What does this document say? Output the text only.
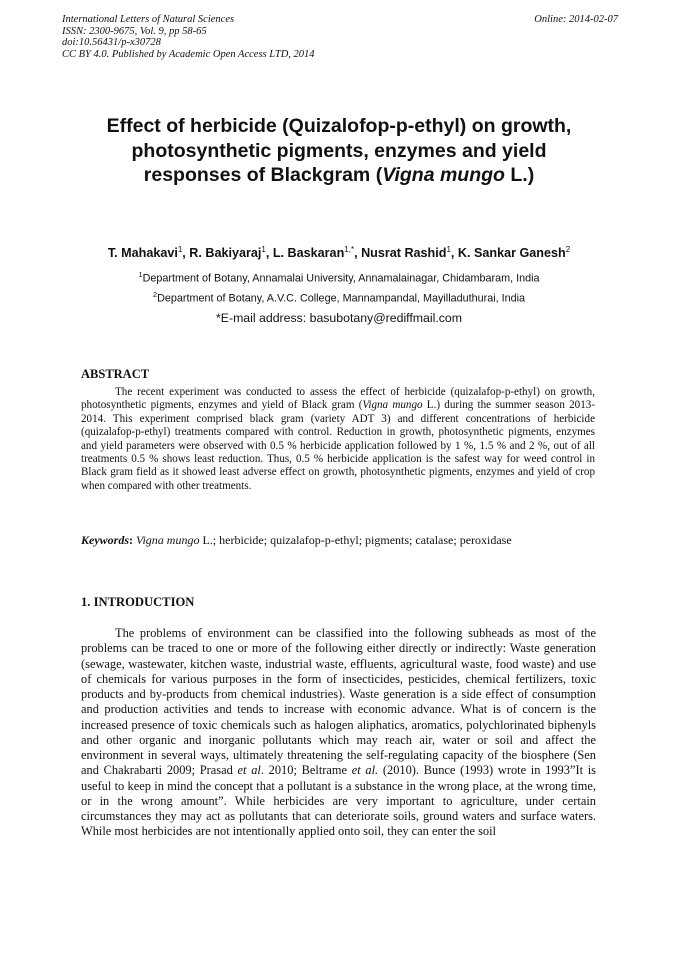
International Letters of Natural Sciences
ISSN: 2300-9675, Vol. 9, pp 58-65
doi:10.56431/p-x30728
CC BY 4.0. Published by Academic Open Access LTD, 2014
Online: 2014-02-07
Effect of herbicide (Quizalofop-p-ethyl) on growth,
photosynthetic pigments, enzymes and yield
responses of Blackgram (Vigna mungo L.)
T. Mahakavi$^1$, R. Bakiyaraj$^1$, L. Baskaran$^{1,*}$, Nusrat Rashid$^1$, K. Sankar Ganesh$^2$
$^1$Department of Botany, Annamalai University, Annamalainagar, Chidambaram, India
$^2$Department of Botany, A.V.C. College, Mannampandal, Mayilladuthurai, India
*E-mail address: basubotany@rediffmail.com
ABSTRACT

The recent experiment was conducted to assess the effect of herbicide (quizalafop-p-ethyl) on growth, photosynthetic pigments, enzymes and yield of Black gram (Vigna mungo L.) during the summer season 2013-2014. This experiment comprised black gram (variety ADT 3) and different concentrations of herbicide (quizalafop-p-ethyl) treatments compared with control. Reduction in growth, photosynthetic pigments, enzymes and yield parameters were observed with 0.5 % herbicide application followed by 1 %, 1.5 % and 2 %, out of all treatments 0.5 % shows least reduction. Thus, 0.5 % herbicide application is the safest way for weed control in Black gram field as it showed least adverse effect on growth, photosynthetic pigments, enzymes and yield of crop when compared with other treatments.

Keywords: Vigna mungo L.; herbicide; quizalafop-p-ethyl; pigments; catalase; peroxidase
1. INTRODUCTION

The problems of environment can be classified into the following subheads as most of the problems can be traced to one or more of the following either directly or indirectly: Waste generation (sewage, wastewater, kitchen waste, industrial waste, effluents, agricultural waste, food waste) and use of chemicals for various purposes in the form of insecticides, pesticides, chemical fertilizers, toxic products and by-products from chemical industries). Waste generation is a side effect of consumption and production activities and tends to increase with economic advance. What is of concern is the increased presence of toxic chemicals such as halogen aliphatics, aromatics, polychlorinated biphenyls and other organic and inorganic pollutants which may reach air, water or soil and affect the environment in several ways, ultimately threatening the self-regulating capacity of the biosphere (Sen and Chakrabarti 2009; Prasad et al. 2010; Beltrame et al. (2010). Bunce (1993) wrote in 1993”It is useful to keep in mind the concept that a pollutant is a substance in the wrong place, at the wrong time, or in the wrong amount”. While herbicides are very important to agriculture, under certain circumstances they may act as pollutants that can deteriorate soils, ground waters and surface waters. While most herbicides are not intentionally applied onto soil, they can enter the soil
